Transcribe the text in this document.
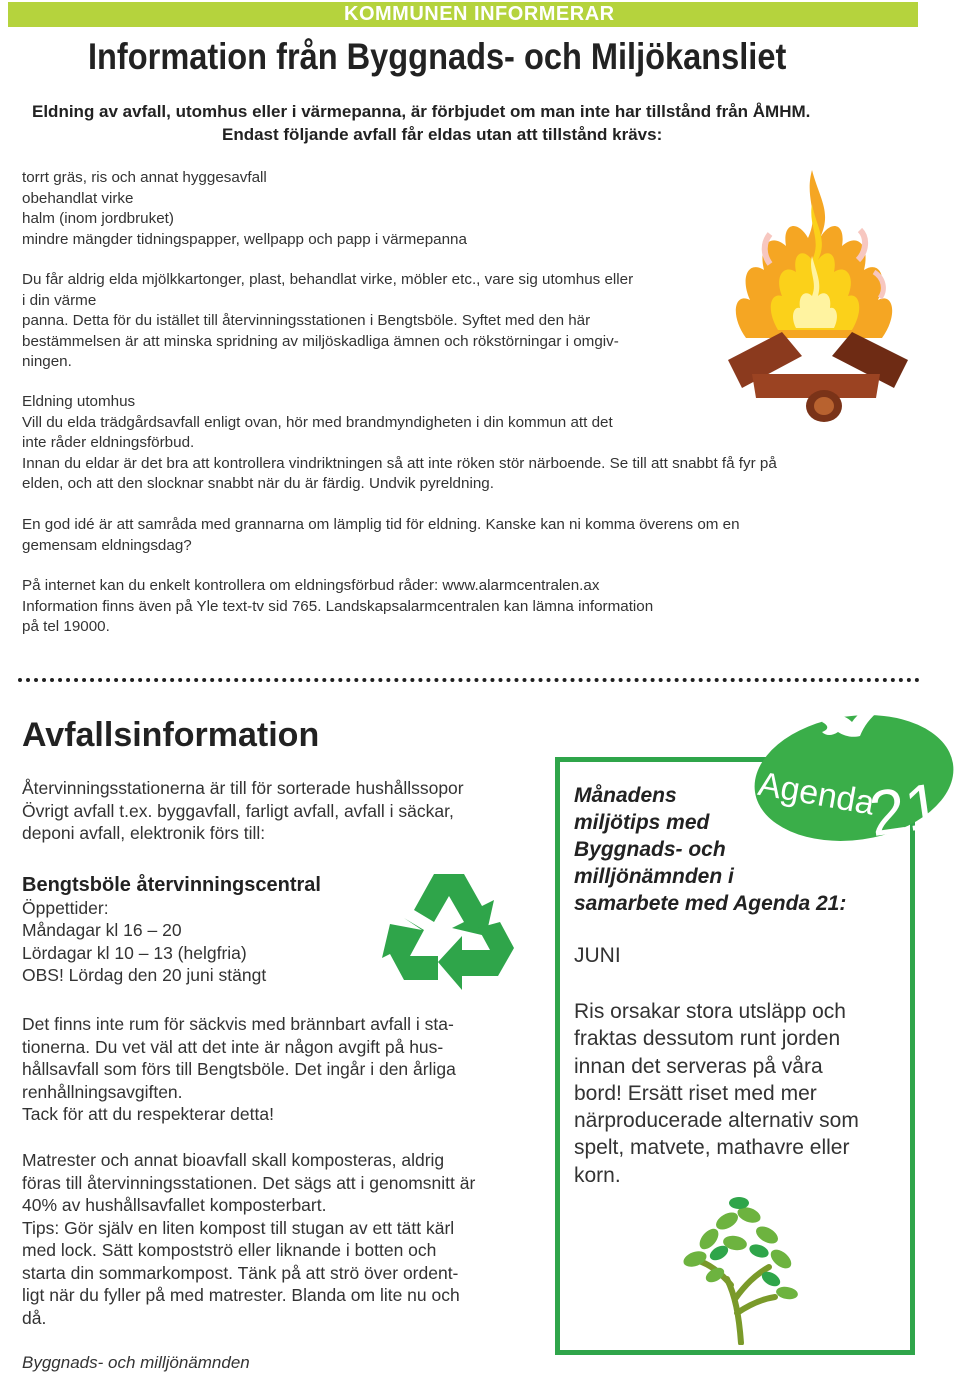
KOMMUNEN INFORMERAR
Information från Byggnads- och Miljökansliet
Eldning av avfall, utomhus eller i värmepanna, är förbjudet om man inte har tillstånd från ÅMHM.
Endast följande avfall får eldas utan att tillstånd krävs:
torrt gräs, ris och annat hyggesavfall
obehandlat virke
halm (inom jordbruket)
mindre mängder tidningspapper, wellpapp och papp i värmepanna
Du får aldrig elda mjölkkartonger, plast, behandlat virke, möbler etc., vare sig utomhus eller
i din värme
panna. Detta för du istället till återvinningsstationen i Bengtsböle. Syftet med den här
bestämmelsen är att minska spridning av miljöskadliga ämnen och rökstörningar i omgiv-
ningen.
Eldning utomhus
Vill du elda trädgårdsavfall enligt ovan, hör med brandmyndigheten i din kommun att det
inte råder eldningsförbud.
Innan du eldar är det bra att kontrollera vindriktningen så att inte röken stör närboende. Se till att snabbt få fyr på
elden, och att den slocknar snabbt när du är färdig. Undvik pyreldning.
En god idé är att samråda med grannarna om lämplig tid för eldning. Kanske kan ni komma överens om en
gemensam eldningsdag?
På internet kan du enkelt kontrollera om eldningsförbud råder: www.alarmcentralen.ax
Information finns även på Yle text-tv sid 765. Landskapsalarmcentralen kan lämna information
på tel 19000.
Avfallsinformation
Återvinningsstationerna är till för sorterade hushållssopor
Övrigt avfall t.ex. byggavfall, farligt avfall, avfall i säckar,
deponi avfall, elektronik förs till:
Bengtsböle återvinningscentral
Öppettider:
Måndagar kl 16 – 20
Lördagar kl 10 – 13 (helgfria)
OBS! Lördag den 20 juni stängt
Det finns inte rum för säckvis med brännbart avfall i sta-
tionerna. Du vet väl att det inte är någon avgift på hus-
hållsavfall som förs till Bengtsböle. Det ingår i den årliga
renhållningsavgiften.
Tack för att du respekterar detta!
Matrester och annat bioavfall skall komposteras, aldrig
föras till återvinningsstationen. Det sägs att i genomsnitt är
40% av hushållsavfallet komposterbart.
Tips: Gör själv en liten kompost till stugan av ett tätt kärl
med lock. Sätt kompostströ eller liknande i botten och
starta din sommarkompost. Tänk på att strö över ordent-
ligt när du fyller på med matrester. Blanda om lite nu och
då.
Byggnads- och milljönämnden
Agenda
21
Månadens
miljötips med
Byggnads- och
milljönämnden i
samarbete med Agenda 21:
JUNI
Ris orsakar stora utsläpp och
fraktas dessutom runt jorden
innan det serveras på våra
bord! Ersätt riset med mer
närproducerade alternativ som
spelt, matvete, mathavre eller
korn.
